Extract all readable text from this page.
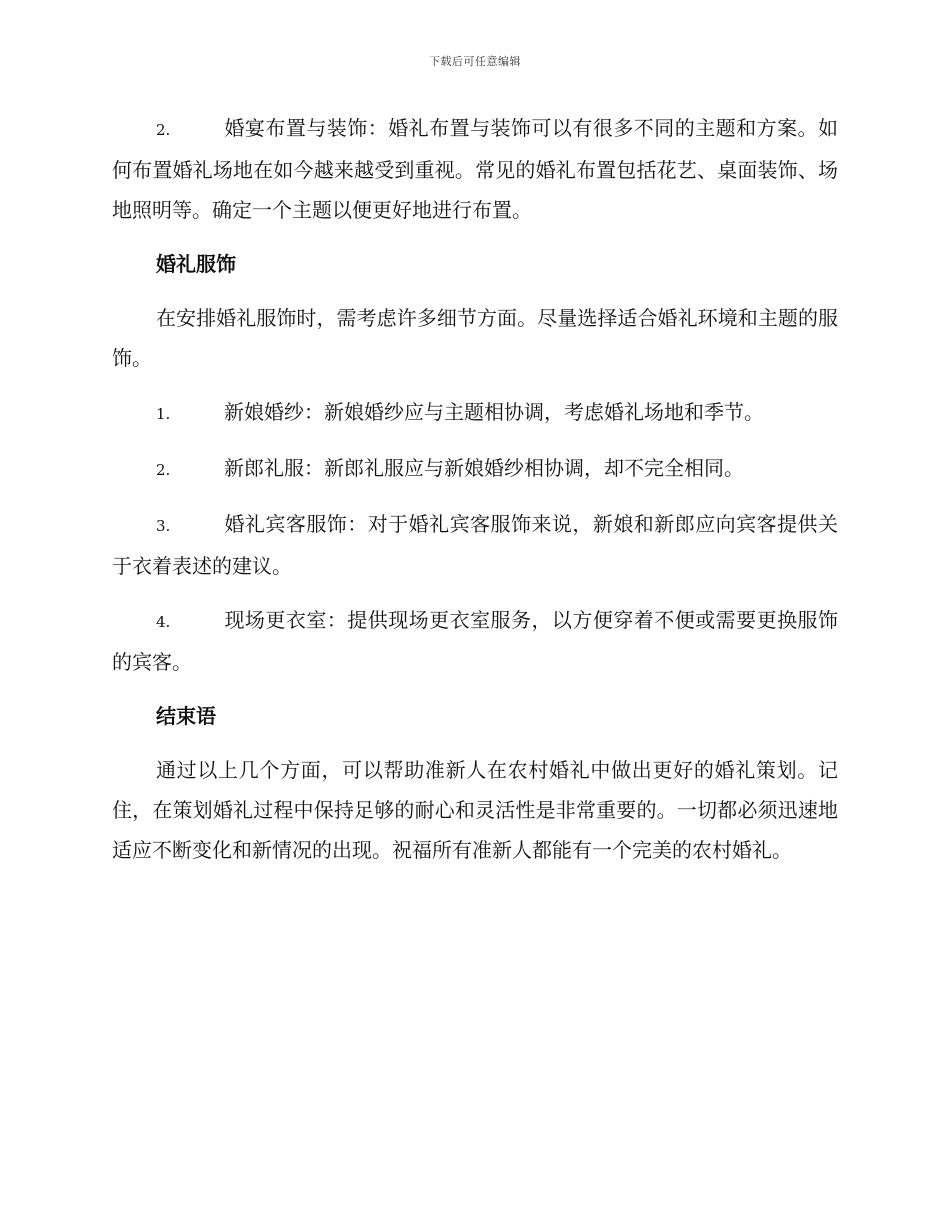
下载后可任意编辑

2.	婚宴布置与装饰：婚礼布置与装饰可以有很多不同的主题和方案。如何布置婚礼场地在如今越来越受到重视。常见的婚礼布置包括花艺、桌面装饰、场地照明等。确定一个主题以便更好地进行布置。

婚礼服饰

在安排婚礼服饰时，需考虑许多细节方面。尽量选择适合婚礼环境和主题的服饰。

1.	新娘婚纱：新娘婚纱应与主题相协调，考虑婚礼场地和季节。

2.	新郎礼服：新郎礼服应与新娘婚纱相协调，却不完全相同。

3.	婚礼宾客服饰：对于婚礼宾客服饰来说，新娘和新郎应向宾客提供关于衣着表述的建议。

4.	现场更衣室：提供现场更衣室服务，以方便穿着不便或需要更换服饰的宾客。

结束语

通过以上几个方面，可以帮助准新人在农村婚礼中做出更好的婚礼策划。记住，在策划婚礼过程中保持足够的耐心和灵活性是非常重要的。一切都必须迅速地适应不断变化和新情况的出现。祝福所有准新人都能有一个完美的农村婚礼。
